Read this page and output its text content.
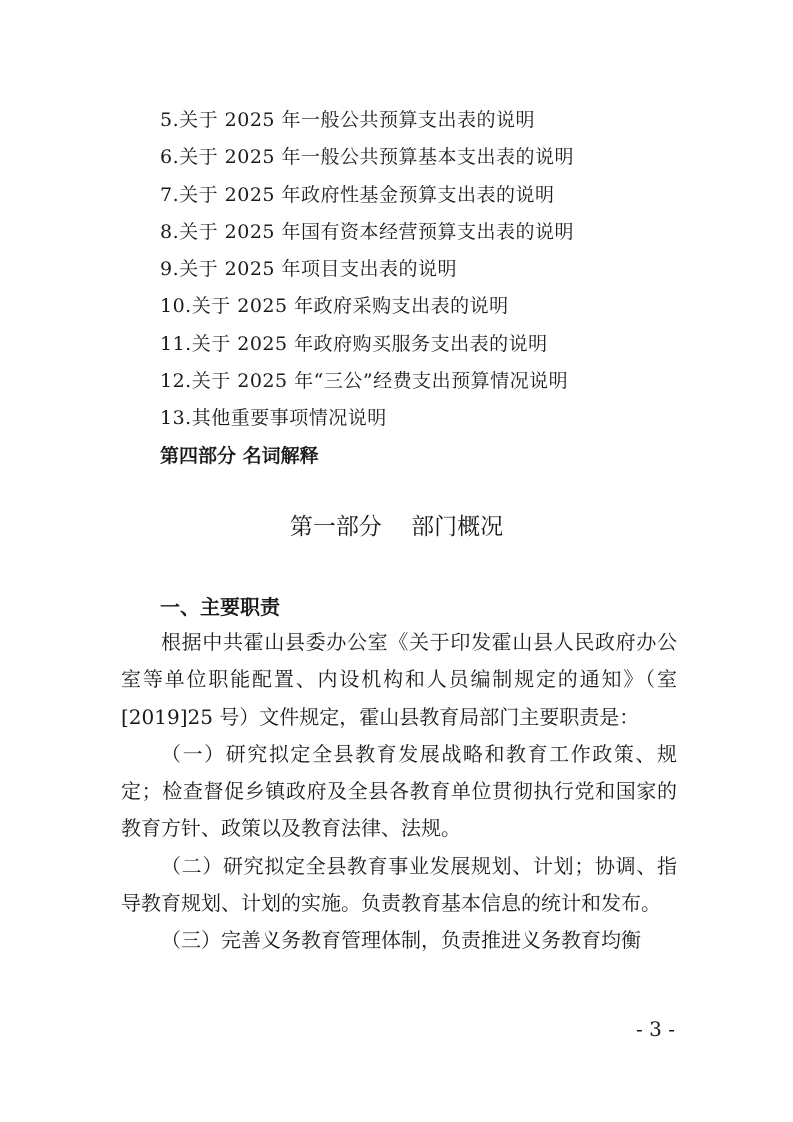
5.关于 2025 年一般公共预算支出表的说明
6.关于 2025 年一般公共预算基本支出表的说明
7.关于 2025 年政府性基金预算支出表的说明
8.关于 2025 年国有资本经营预算支出表的说明
9.关于 2025 年项目支出表的说明
10.关于 2025 年政府采购支出表的说明
11.关于 2025 年政府购买服务支出表的说明
12.关于 2025 年“三公”经费支出预算情况说明
13.其他重要事项情况说明
第四部分 名词解释
第一部分    部门概况
一、主要职责

根据中共霍山县委办公室《关于印发霍山县人民政府办公室等单位职能配置、内设机构和人员编制规定的通知》（室[2019]25 号）文件规定，霍山县教育局部门主要职责是：

（一）研究拟定全县教育发展战略和教育工作政策、规定；检查督促乡镇政府及全县各教育单位贯彻执行党和国家的教育方针、政策以及教育法律、法规。

（二）研究拟定全县教育事业发展规划、计划；协调、指导教育规划、计划的实施。负责教育基本信息的统计和发布。

（三）完善义务教育管理体制，负责推进义务教育均衡

- 3 -
